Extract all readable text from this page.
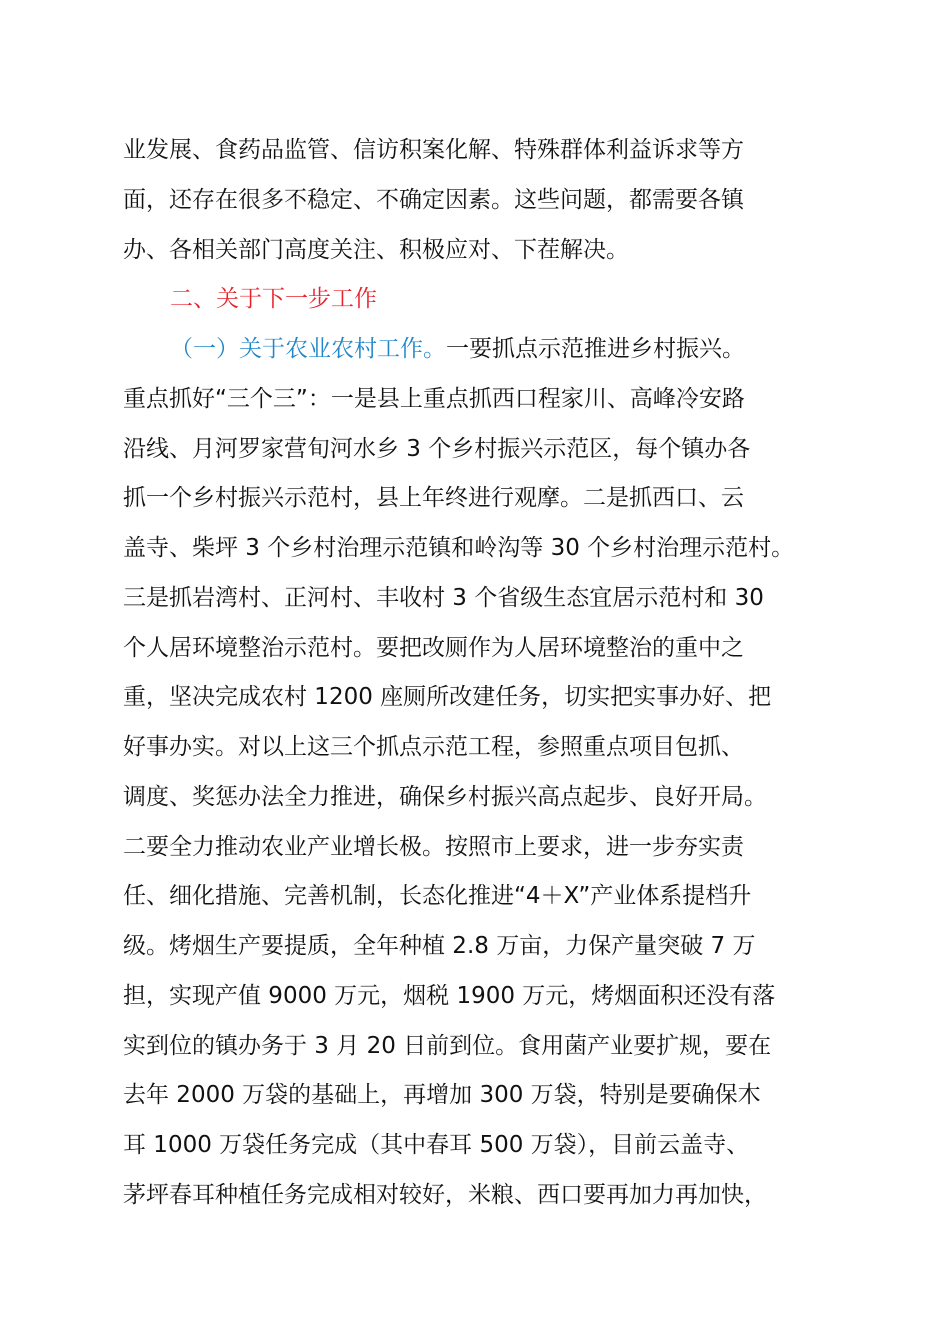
业发展、食药品监管、信访积案化解、特殊群体利益诉求等方
面，还存在很多不稳定、不确定因素。这些问题，都需要各镇
办、各相关部门高度关注、积极应对、下茬解决。
二、关于下一步工作
（一）关于农业农村工作。一要抓点示范推进乡村振兴。
重点抓好“三个三”：一是县上重点抓西口程家川、高峰冷安路
沿线、月河罗家营旬河水乡 3 个乡村振兴示范区，每个镇办各
抓一个乡村振兴示范村，县上年终进行观摩。二是抓西口、云
盖寺、柴坪 3 个乡村治理示范镇和岭沟等 30 个乡村治理示范村。
三是抓岩湾村、正河村、丰收村 3 个省级生态宜居示范村和 30
个人居环境整治示范村。要把改厕作为人居环境整治的重中之
重，坚决完成农村 1200 座厕所改建任务，切实把实事办好、把
好事办实。对以上这三个抓点示范工程，参照重点项目包抓、
调度、奖惩办法全力推进，确保乡村振兴高点起步、良好开局。
二要全力推动农业产业增长极。按照市上要求，进一步夯实责
任、细化措施、完善机制，长态化推进“4＋X”产业体系提档升
级。烤烟生产要提质，全年种植 2.8 万亩，力保产量突破 7 万
担，实现产值 9000 万元，烟税 1900 万元，烤烟面积还没有落
实到位的镇办务于 3 月 20 日前到位。食用菌产业要扩规，要在
去年 2000 万袋的基础上，再增加 300 万袋，特别是要确保木
耳 1000 万袋任务完成（其中春耳 500 万袋），目前云盖寺、
茅坪春耳种植任务完成相对较好，米粮、西口要再加力再加快，
